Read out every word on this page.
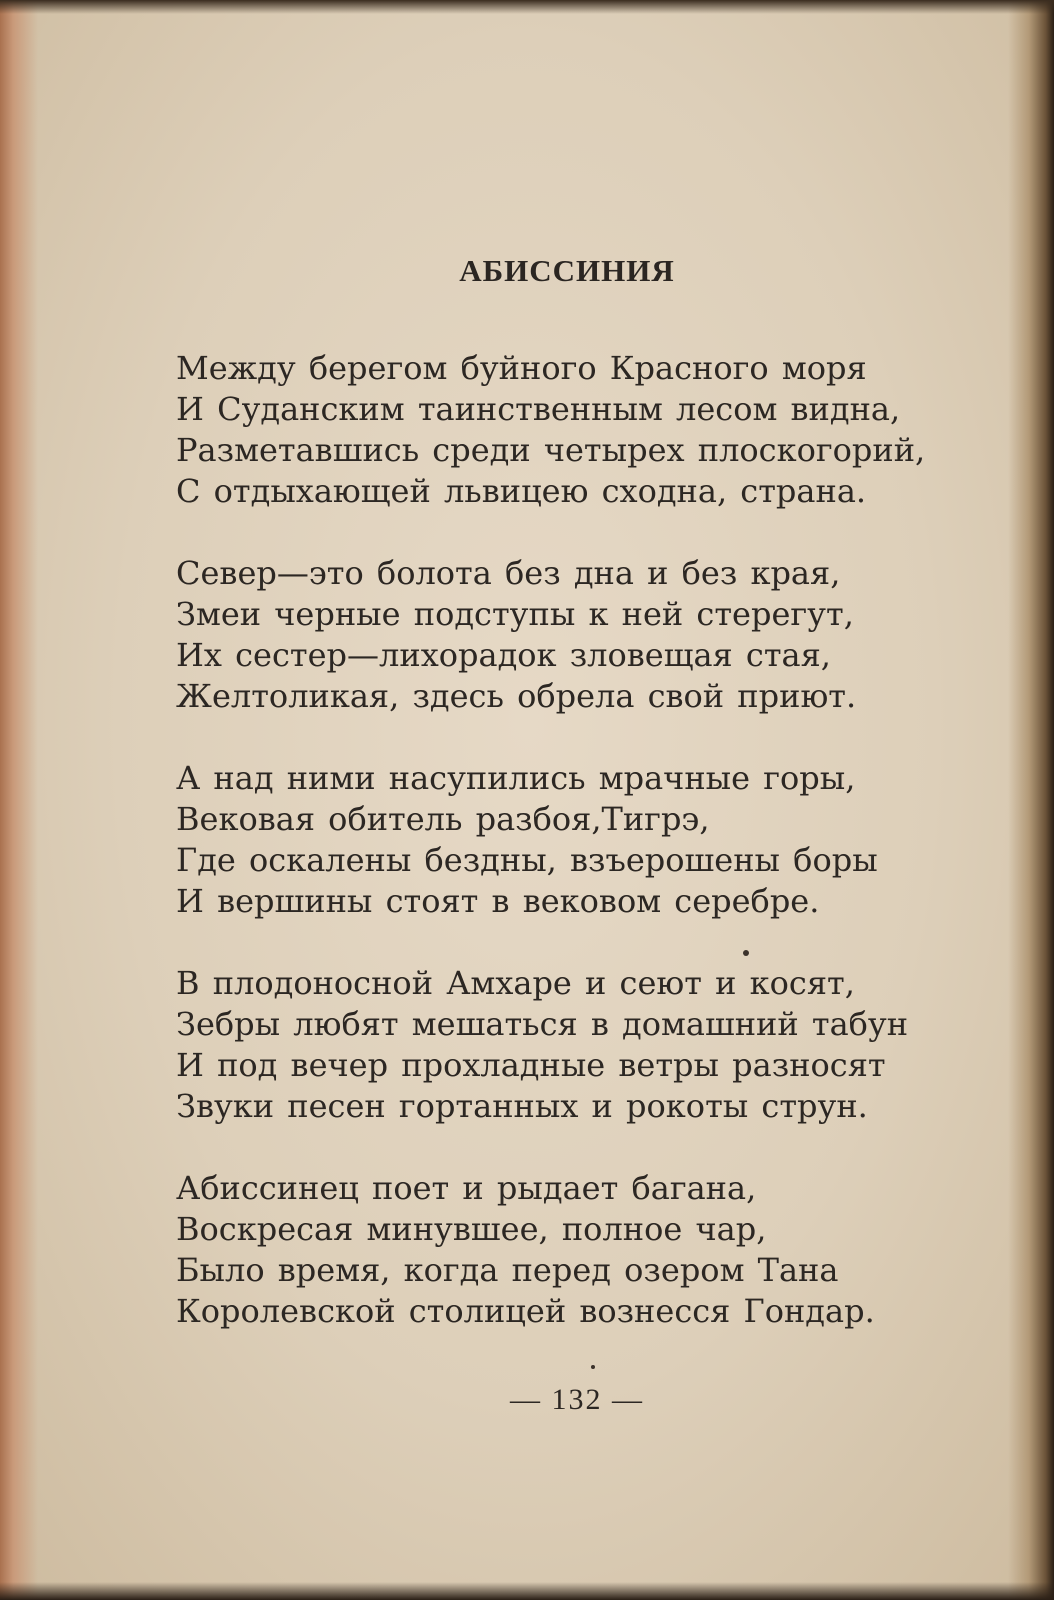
АБИССИНИЯ
Между берегом буйного Красного моря
И Суданским таинственным лесом видна,
Разметавшись среди четырех плоскогорий,
С отдыхающей львицею сходна, страна.
Север—это болота без дна и без края,
Змеи черные подступы к ней стерегут,
Их сестер—лихорадок зловещая стая,
Желтоликая, здесь обрела свой приют.
А над ними насупились мрачные горы,
Вековая обитель разбоя,Тигрэ,
Где оскалены бездны, взъерошены боры
И вершины стоят в вековом серебре.
В плодоносной Амхаре и сеют и косят,
Зебры любят мешаться в домашний табун
И под вечер прохладные ветры разносят
Звуки песен гортанных и рокоты струн.
Абиссинец поет и рыдает багана,
Воскресая минувшее, полное чар,
Было время, когда перед озером Тана
Королевской столицей вознесся Гондар.
— 132 —
